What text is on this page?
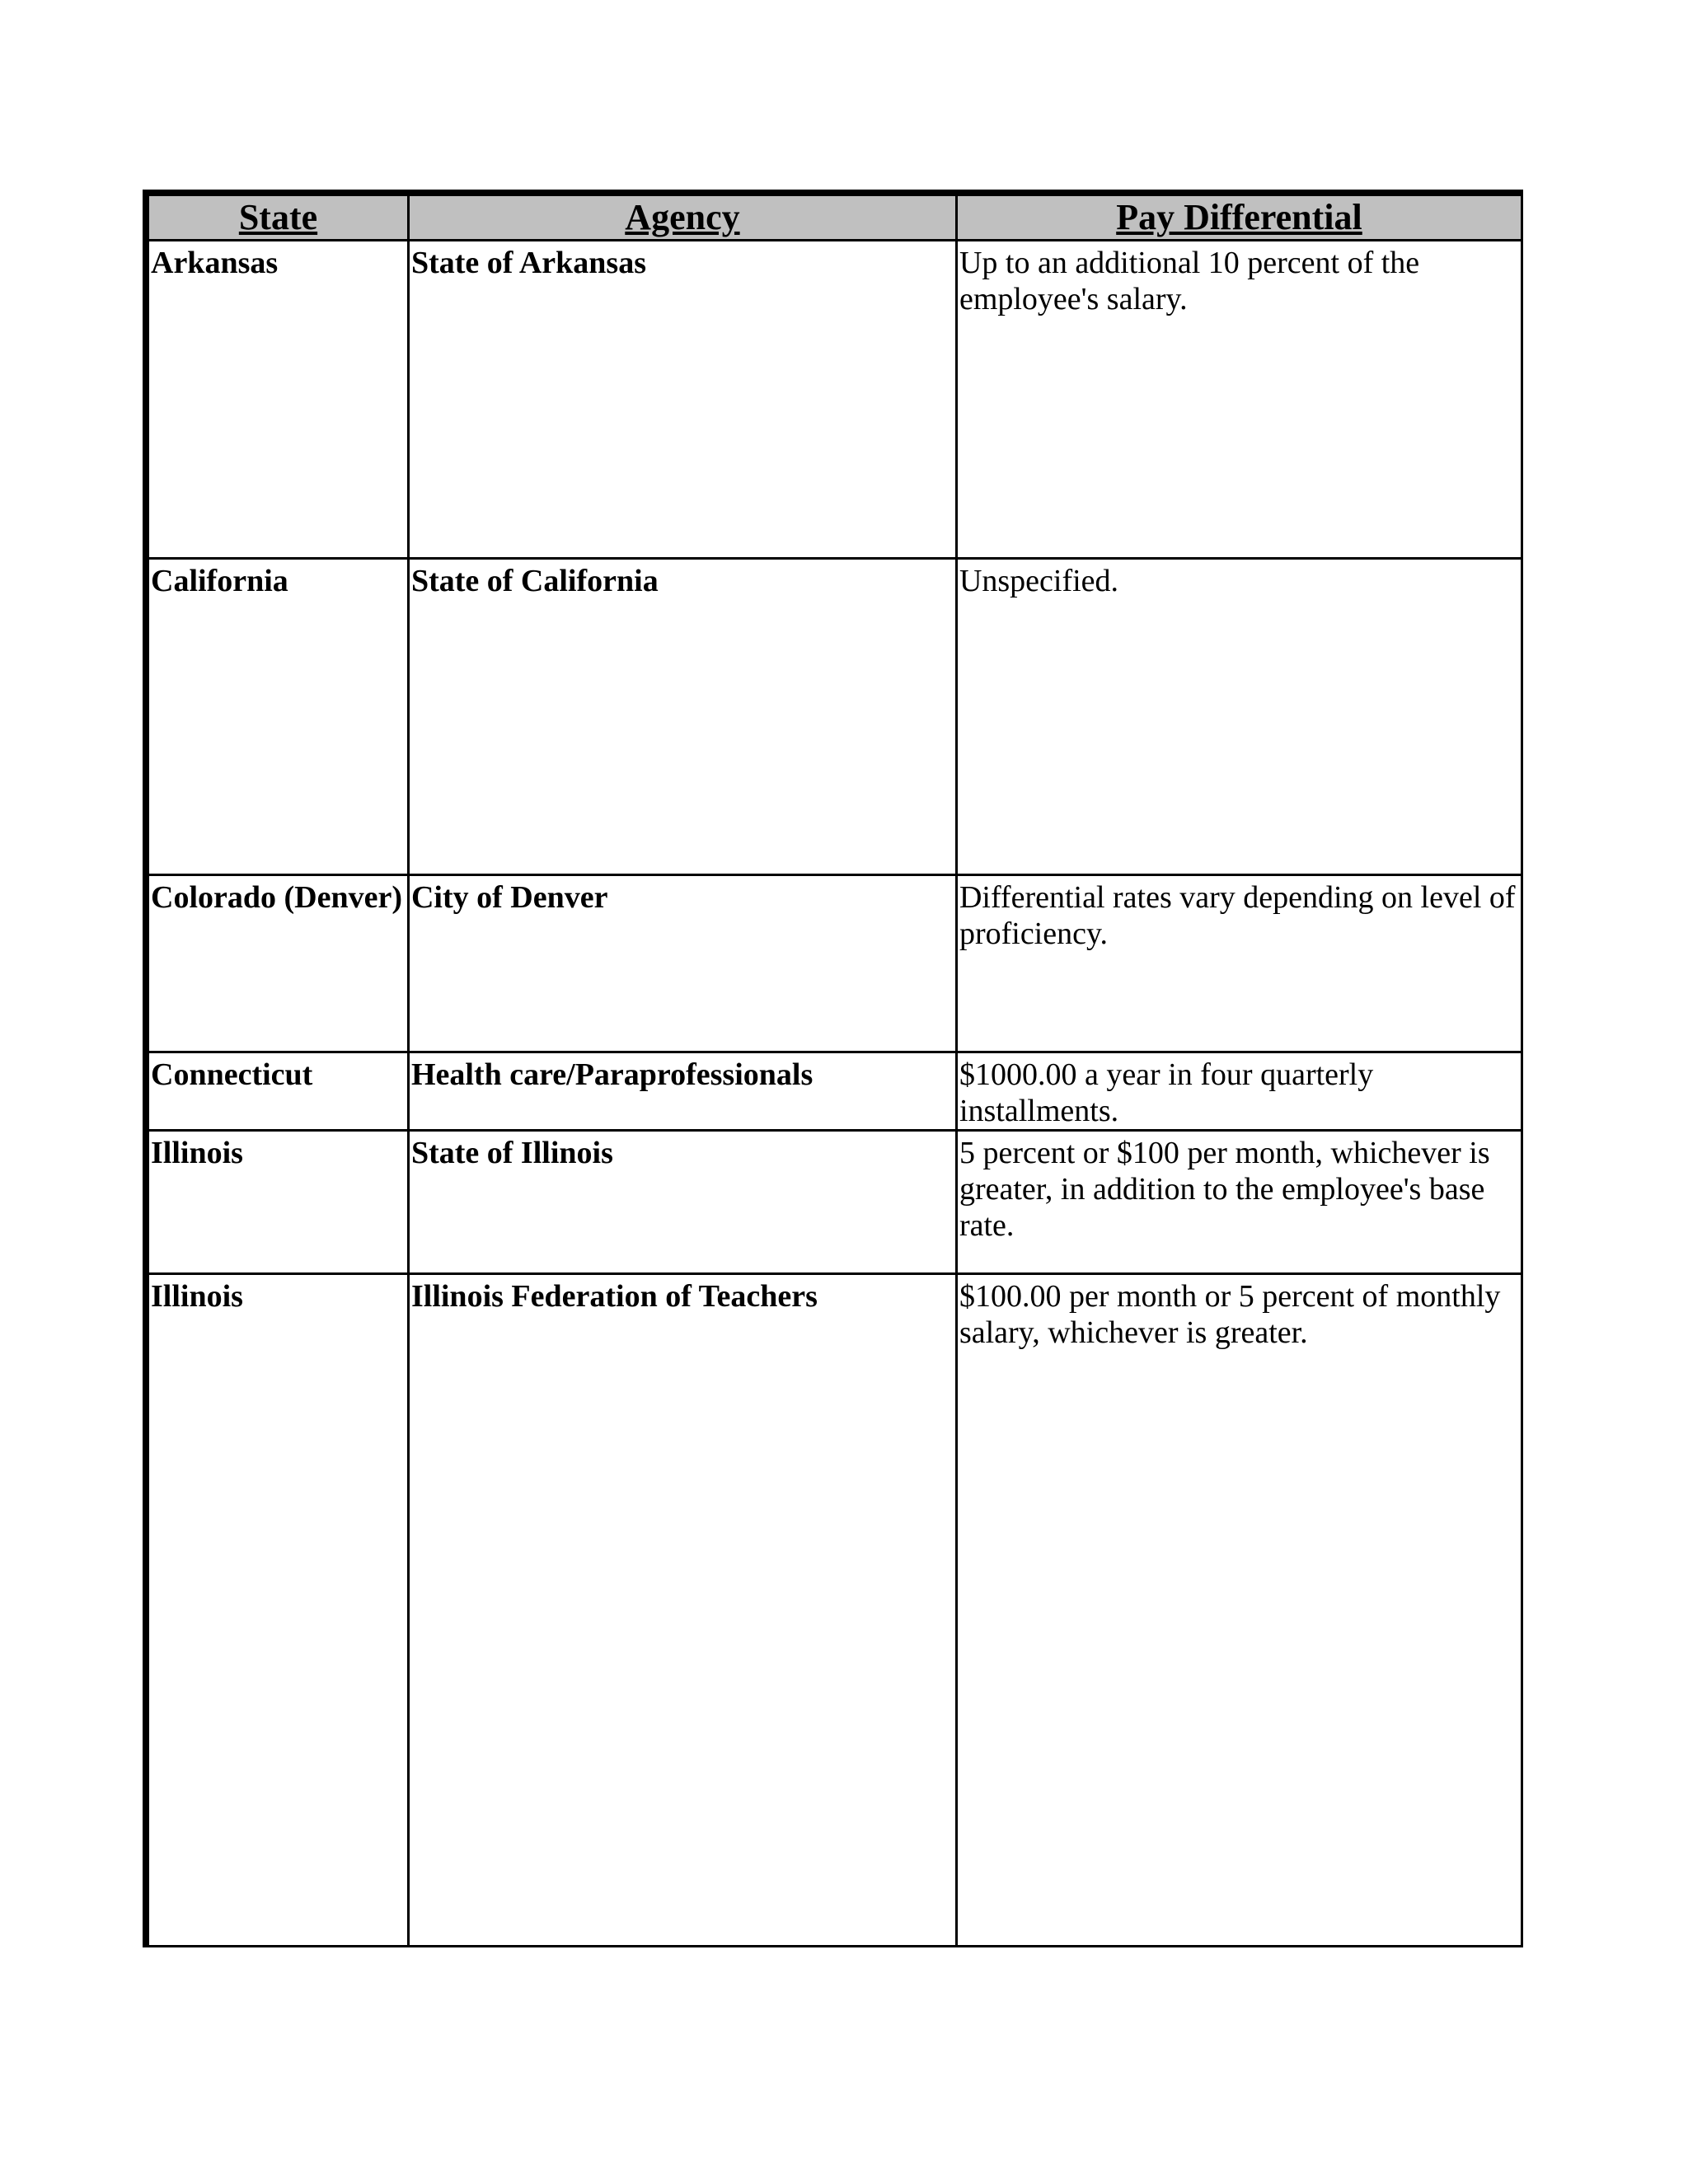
State	Agency	Pay Differential
Arkansas	State of Arkansas	Up to an additional 10 percent of the employee's salary.
California	State of California	Unspecified.
Colorado (Denver)	City of Denver	Differential rates vary depending on level of proficiency.
Connecticut	Health care/Paraprofessionals	$1000.00 a year in four quarterly installments.
Illinois	State of Illinois	5 percent or $100 per month, whichever is greater, in addition to the employee's base rate.
Illinois	Illinois Federation of Teachers	$100.00 per month or 5 percent of monthly salary, whichever is greater.
